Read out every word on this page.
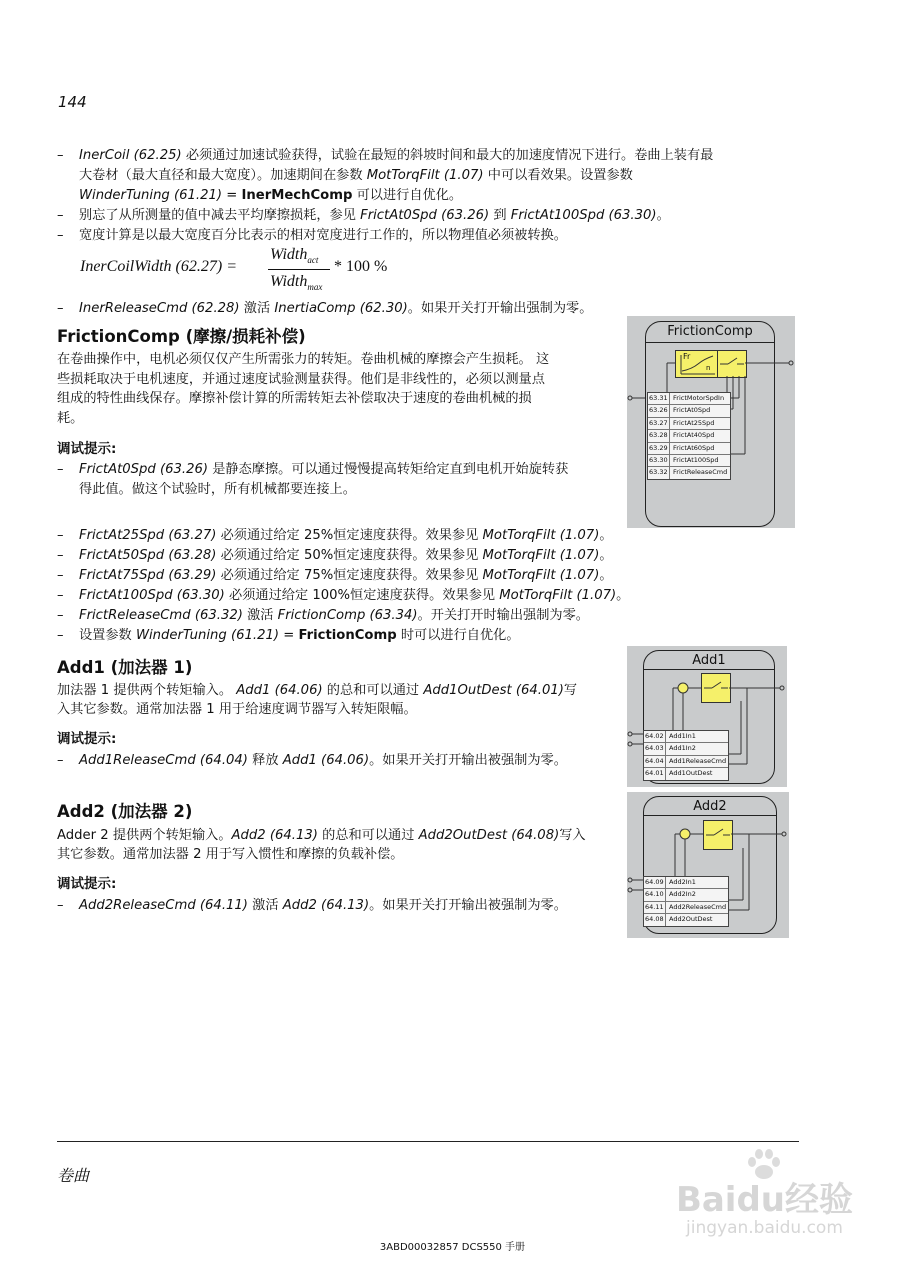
144
– InerCoil (62.25) 必须通过加速试验获得，试验在最短的斜坡时间和最大的加速度情况下进行。卷曲上装有最
大卷材（最大直径和最大宽度）。加速期间在参数 MotTorqFilt (1.07) 中可以看效果。设置参数
WinderTuning (61.21) = InerMechComp 可以进行自优化。
– 别忘了从所测量的值中减去平均摩擦损耗，参见 FrictAt0Spd (63.26) 到 FrictAt100Spd (63.30)。
– 宽度计算是以最大宽度百分比表示的相对宽度进行工作的，所以物理值必须被转换。
InerCoilWidth (62.27) =
Width$_{act}$
Width$_{max}$
* 100 %
– InerReleaseCmd (62.28) 激活 InertiaComp (62.30)。如果开关打开输出强制为零。
FrictionComp (摩擦/损耗补偿)
在卷曲操作中，电机必须仅仅产生所需张力的转矩。卷曲机械的摩擦会产生损耗。 这
些损耗取决于电机速度，并通过速度试验测量获得。他们是非线性的，必须以测量点
组成的特性曲线保存。摩擦补偿计算的所需转矩去补偿取决于速度的卷曲机械的损
耗。
调试提示:
– FrictAt0Spd (63.26) 是静态摩擦。可以通过慢慢提高转矩给定直到电机开始旋转获
得此值。做这个试验时，所有机械都要连接上。
– FrictAt25Spd (63.27) 必须通过给定 25%恒定速度获得。效果参见 MotTorqFilt (1.07)。
– FrictAt50Spd (63.28) 必须通过给定 50%恒定速度获得。效果参见 MotTorqFilt (1.07)。
– FrictAt75Spd (63.29) 必须通过给定 75%恒定速度获得。效果参见 MotTorqFilt (1.07)。
– FrictAt100Spd (63.30) 必须通过给定 100%恒定速度获得。效果参见 MotTorqFilt (1.07)。
– FrictReleaseCmd (63.32) 激活 FrictionComp (63.34)。开关打开时输出强制为零。
– 设置参数 WinderTuning (61.21) = FrictionComp 时可以进行自优化。
Add1 (加法器 1)
加法器 1 提供两个转矩输入。 Add1 (64.06) 的总和可以通过 Add1OutDest (64.01)写
入其它参数。通常加法器 1 用于给速度调节器写入转矩限幅。
调试提示:
– Add1ReleaseCmd (64.04) 释放 Add1 (64.06)。如果开关打开输出被强制为零。
Add2 (加法器 2)
Adder 2 提供两个转矩输入。Add2 (64.13) 的总和可以通过 Add2OutDest (64.08)写入
其它参数。通常加法器 2 用于写入惯性和摩擦的负载补偿。
调试提示:
– Add2ReleaseCmd (64.11) 激活 Add2 (64.13)。如果开关打开输出被强制为零。
FrictionComp
Fr
n
63.31 FrictMotorSpdIn
63.26 FrictAt0Spd
63.27 FrictAt25Spd
63.28 FrictAt40Spd
63.29 FrictAt60Spd
63.30 FrictAt100Spd
63.32 FrictReleaseCmd
Add1
64.02 Add1In1
64.03 Add1In2
64.04 Add1ReleaseCmd
64.01 Add1OutDest
Add2
64.09 Add2In1
64.10 Add2In2
64.11 Add2ReleaseCmd
64.08 Add2OutDest
卷曲
Baidu经验
jingyan.baidu.com
3ABD00032857 DCS550 手册
